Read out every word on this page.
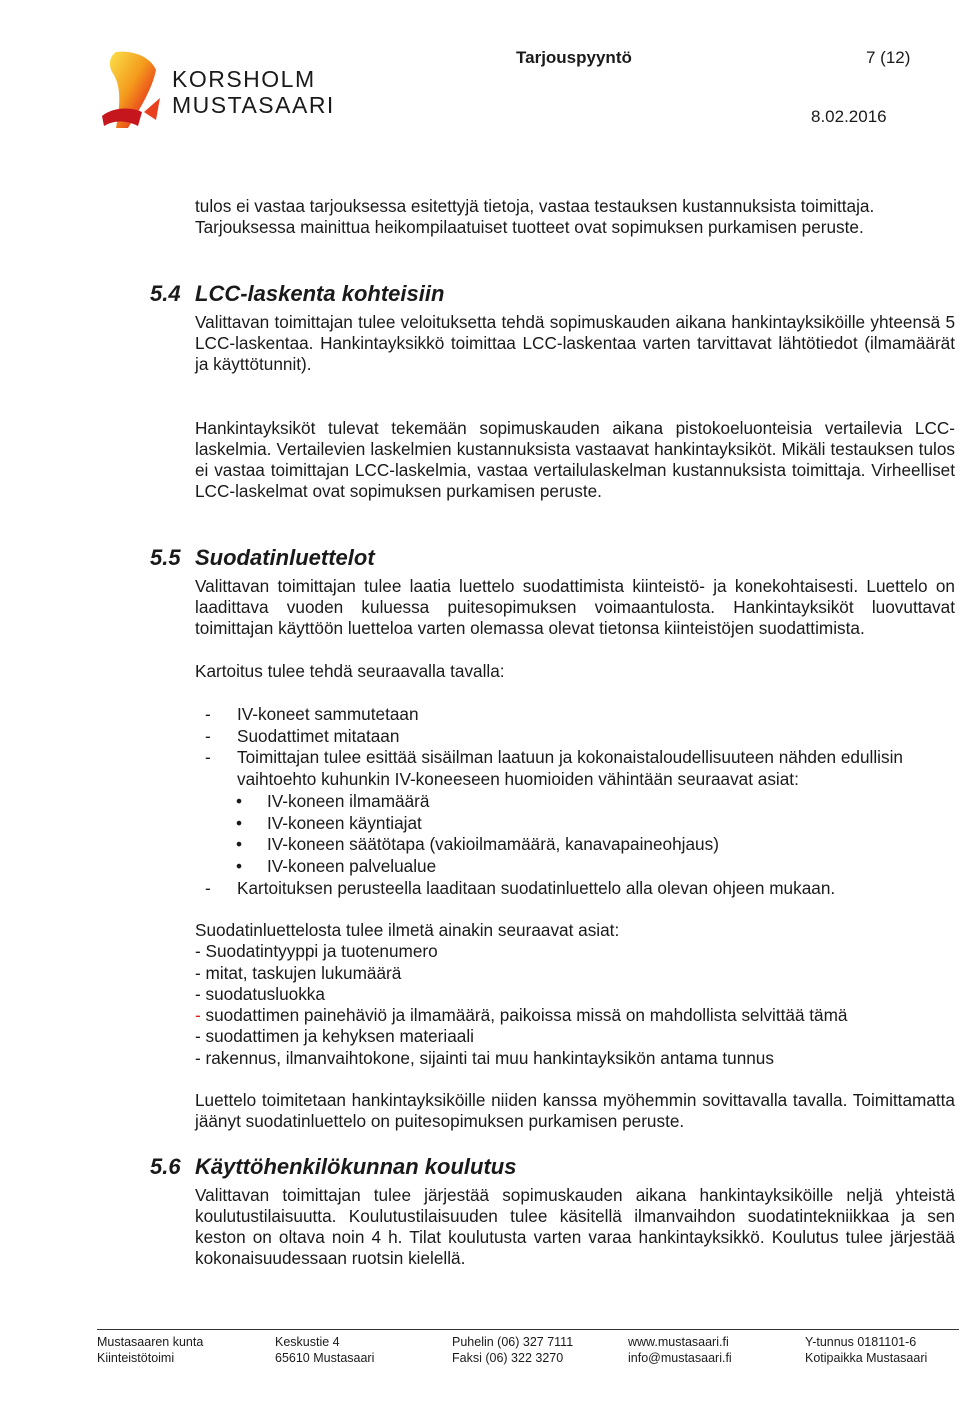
KORSHOLM
MUSTASAARI
Tarjouspyyntö	7 (12)
8.02.2016

tulos ei vastaa tarjouksessa esitettyjä tietoja, vastaa testauksen kustannuksista toimittaja. Tarjouksessa mainittua heikompilaatuiset tuotteet ovat sopimuksen purkamisen peruste.

5.4 LCC-laskenta kohteisiin

Valittavan toimittajan tulee veloituksetta tehdä sopimuskauden aikana hankintayksiköille yhteensä 5 LCC-laskentaa. Hankintayksikkö toimittaa LCC-laskentaa varten tarvittavat lähtötiedot (ilmamäärät ja käyttötunnit).

Hankintayksiköt tulevat tekemään sopimuskauden aikana pistokoeluonteisia vertailevia LCC-laskelmia. Vertailevien laskelmien kustannuksista vastaavat hankintayksiköt. Mikäli testauksen tulos ei vastaa toimittajan LCC-laskelmia, vastaa vertailulaskelman kustannuksista toimittaja. Virheelliset LCC-laskelmat ovat sopimuksen purkamisen peruste.

5.5 Suodatinluettelot

Valittavan toimittajan tulee laatia luettelo suodattimista kiinteistö- ja konekohtaisesti. Luettelo on laadittava vuoden kuluessa puitesopimuksen voimaantulosta. Hankintayksiköt luovuttavat toimittajan käyttöön luetteloa varten olemassa olevat tietonsa kiinteistöjen suodattimista.

Kartoitus tulee tehdä seuraavalla tavalla:

- IV-koneet sammutetaan

- Suodattimet mitataan

- Toimittajan tulee esittää sisäilman laatuun ja kokonaistaloudellisuuteen nähden edullisin vaihtoehto kuhunkin IV-koneeseen huomioiden vähintään seuraavat asiat:

• IV-koneen ilmamäärä

• IV-koneen käyntiajat

• IV-koneen säätötapa (vakioilmamäärä, kanavapaineohjaus)

• IV-koneen palvelualue

- Kartoituksen perusteella laaditaan suodatinluettelo alla olevan ohjeen mukaan.

Suodatinluettelosta tulee ilmetä ainakin seuraavat asiat:

- Suodatintyyppi ja tuotenumero

- mitat, taskujen lukumäärä

- suodatusluokka

- suodattimen painehäviö ja ilmamäärä, paikoissa missä on mahdollista selvittää tämä

- suodattimen ja kehyksen materiaali

- rakennus, ilmanvaihtokone, sijainti tai muu hankintayksikön antama tunnus

Luettelo toimitetaan hankintayksiköille niiden kanssa myöhemmin sovittavalla tavalla. Toimittamatta jäänyt suodatinluettelo on puitesopimuksen purkamisen peruste.

5.6 Käyttöhenkilökunnan koulutus

Valittavan toimittajan tulee järjestää sopimuskauden aikana hankintayksiköille neljä yhteistä koulutustilaisuutta. Koulutustilaisuuden tulee käsitellä ilmanvaihdon suodatintekniikkaa ja sen keston on oltava noin 4 h. Tilat koulutusta varten varaa hankintayksikkö. Koulutus tulee järjestää kokonaisuudessaan ruotsin kielellä.

Mustasaaren kunta
Kiinteistötoimi
Keskustie 4
65610 Mustasaari
Puhelin (06) 327 7111
Faksi (06) 322 3270
www.mustasaari.fi
info@mustasaari.fi
Y-tunnus 0181101-6
Kotipaikka Mustasaari
